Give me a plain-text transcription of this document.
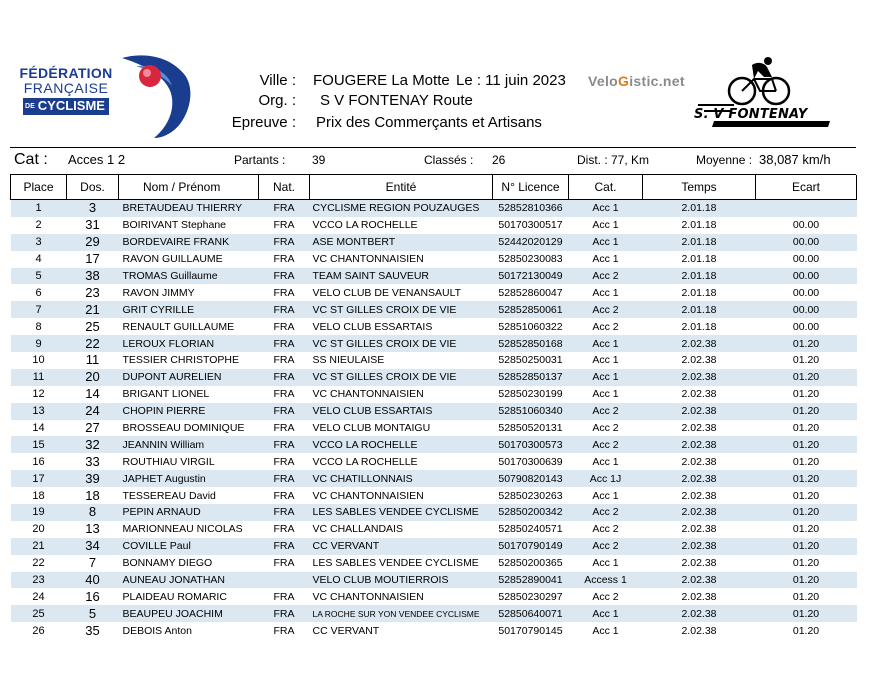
FÉDÉRATION
FRANÇAISE
DE CYCLISME
Ville : FOUGERE La Motte Le : 11 juin 2023
Org. : S V FONTENAY Route
Epreuve : Prix des Commerçants et Artisans
VeloGistic.net
S. V FONTENAY
Cat : Acces 1 2	Partants : 39	Classés : 26	Dist. : 77, Km	Moyenne : 38,087 km/h
Place	Dos.	Nom / Prénom	Nat.	Entité	N° Licence	Cat.	Temps	Ecart
1	3	BRETAUDEAU THIERRY	FRA	CYCLISME REGION POUZAUGES	52852810366	Acc 1	2.01.18	
2	31	BOIRIVANT Stephane	FRA	VCCO LA ROCHELLE	50170300517	Acc 1	2.01.18	00.00
3	29	BORDEVAIRE FRANK	FRA	ASE MONTBERT	52442020129	Acc 1	2.01.18	00.00
4	17	RAVON GUILLAUME	FRA	VC CHANTONNAISIEN	52850230083	Acc 1	2.01.18	00.00
5	38	TROMAS Guillaume	FRA	TEAM SAINT SAUVEUR	50172130049	Acc 2	2.01.18	00.00
6	23	RAVON JIMMY	FRA	VELO CLUB DE VENANSAULT	52852860047	Acc 1	2.01.18	00.00
7	21	GRIT CYRILLE	FRA	VC ST GILLES CROIX DE VIE	52852850061	Acc 2	2.01.18	00.00
8	25	RENAULT GUILLAUME	FRA	VELO CLUB ESSARTAIS	52851060322	Acc 2	2.01.18	00.00
9	22	LEROUX FLORIAN	FRA	VC ST GILLES CROIX DE VIE	52852850168	Acc 1	2.02.38	01.20
10	11	TESSIER CHRISTOPHE	FRA	SS NIEULAISE	52850250031	Acc 1	2.02.38	01.20
11	20	DUPONT AURELIEN	FRA	VC ST GILLES CROIX DE VIE	52852850137	Acc 1	2.02.38	01.20
12	14	BRIGANT LIONEL	FRA	VC CHANTONNAISIEN	52850230199	Acc 1	2.02.38	01.20
13	24	CHOPIN PIERRE	FRA	VELO CLUB ESSARTAIS	52851060340	Acc 2	2.02.38	01.20
14	27	BROSSEAU DOMINIQUE	FRA	VELO CLUB MONTAIGU	52850520131	Acc 2	2.02.38	01.20
15	32	JEANNIN William	FRA	VCCO LA ROCHELLE	50170300573	Acc 2	2.02.38	01.20
16	33	ROUTHIAU VIRGIL	FRA	VCCO LA ROCHELLE	50170300639	Acc 1	2.02.38	01.20
17	39	JAPHET Augustin	FRA	VC CHATILLONNAIS	50790820143	Acc 1J	2.02.38	01.20
18	18	TESSEREAU David	FRA	VC CHANTONNAISIEN	52850230263	Acc 1	2.02.38	01.20
19	8	PEPIN ARNAUD	FRA	LES SABLES VENDEE CYCLISME	52850200342	Acc 2	2.02.38	01.20
20	13	MARIONNEAU NICOLAS	FRA	VC CHALLANDAIS	52850240571	Acc 2	2.02.38	01.20
21	34	COVILLE Paul	FRA	CC VERVANT	50170790149	Acc 2	2.02.38	01.20
22	7	BONNAMY DIEGO	FRA	LES SABLES VENDEE CYCLISME	52850200365	Acc 1	2.02.38	01.20
23	40	AUNEAU JONATHAN		VELO CLUB MOUTIERROIS	52852890041	Access 1	2.02.38	01.20
24	16	PLAIDEAU ROMARIC	FRA	VC CHANTONNAISIEN	52850230297	Acc 2	2.02.38	01.20
25	5	BEAUPEU JOACHIM	FRA	LA ROCHE SUR YON VENDEE CYCLISME	52850640071	Acc 1	2.02.38	01.20
26	35	DEBOIS Anton	FRA	CC VERVANT	50170790145	Acc 1	2.02.38	01.20
